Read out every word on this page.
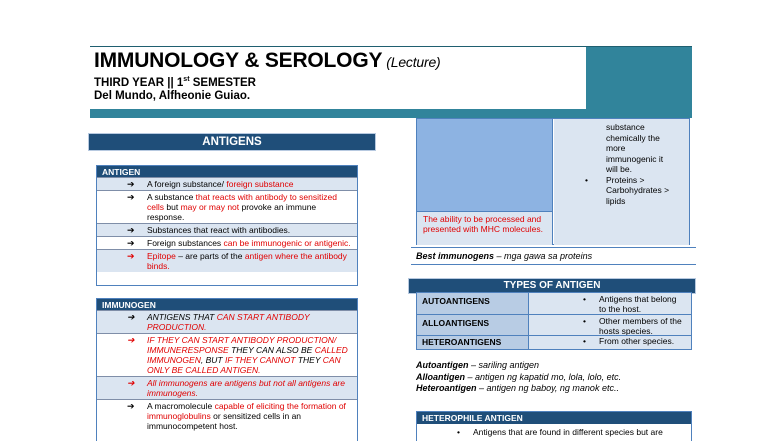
IMMUNOLOGY & SEROLOGY (Lecture)
THIRD YEAR || 1st SEMESTER
Del Mundo, Alfheonie Guiao.
ANTIGENS
ANTIGEN
➔ A foreign substance/ foreign substance
➔ A substance that reacts with antibody to sensitized cells but may or may not provoke an immune response.
➔ Substances that react with antibodies.
➔ Foreign substances can be immunogenic or antigenic.
➔ Epitope – are parts of the antigen where the antibody binds.
IMMUNOGEN
➔ ANTIGENS THAT CAN START ANTIBODY PRODUCTION.
➔ IF THEY CAN START ANTIBODY PRODUCTION/ IMMUNERESPONSE THEY CAN ALSO BE CALLED IMMUNOGEN, BUT IF THEY CANNOT THEY CAN ONLY BE CALLED ANTIGEN.
➔ All immunogens are antigens but not all antigens are immunogens.
➔ A macromolecule capable of eliciting the formation of immunoglobulins or sensitized cells in an immunocompetent host.
substance
chemically the
more
immunogenic it
will be.
• Proteins >
Carbohydrates >
lipids
The ability to be processed and presented with MHC molecules.
Best immunogens – mga gawa sa proteins
TYPES OF ANTIGEN
AUTOANTIGENS	• Antigens that belong to the host.
ALLOANTIGENS	• Other members of the hosts species.
HETEROANTIGENS	• From other species.
Autoantigen – sariling antigen
Alloantigen – antigen ng kapatid mo, lola, lolo, etc.
Heteroantigen – antigen ng baboy, ng manok etc..
HETEROPHILE ANTIGEN
• Antigens that are found in different species but are
